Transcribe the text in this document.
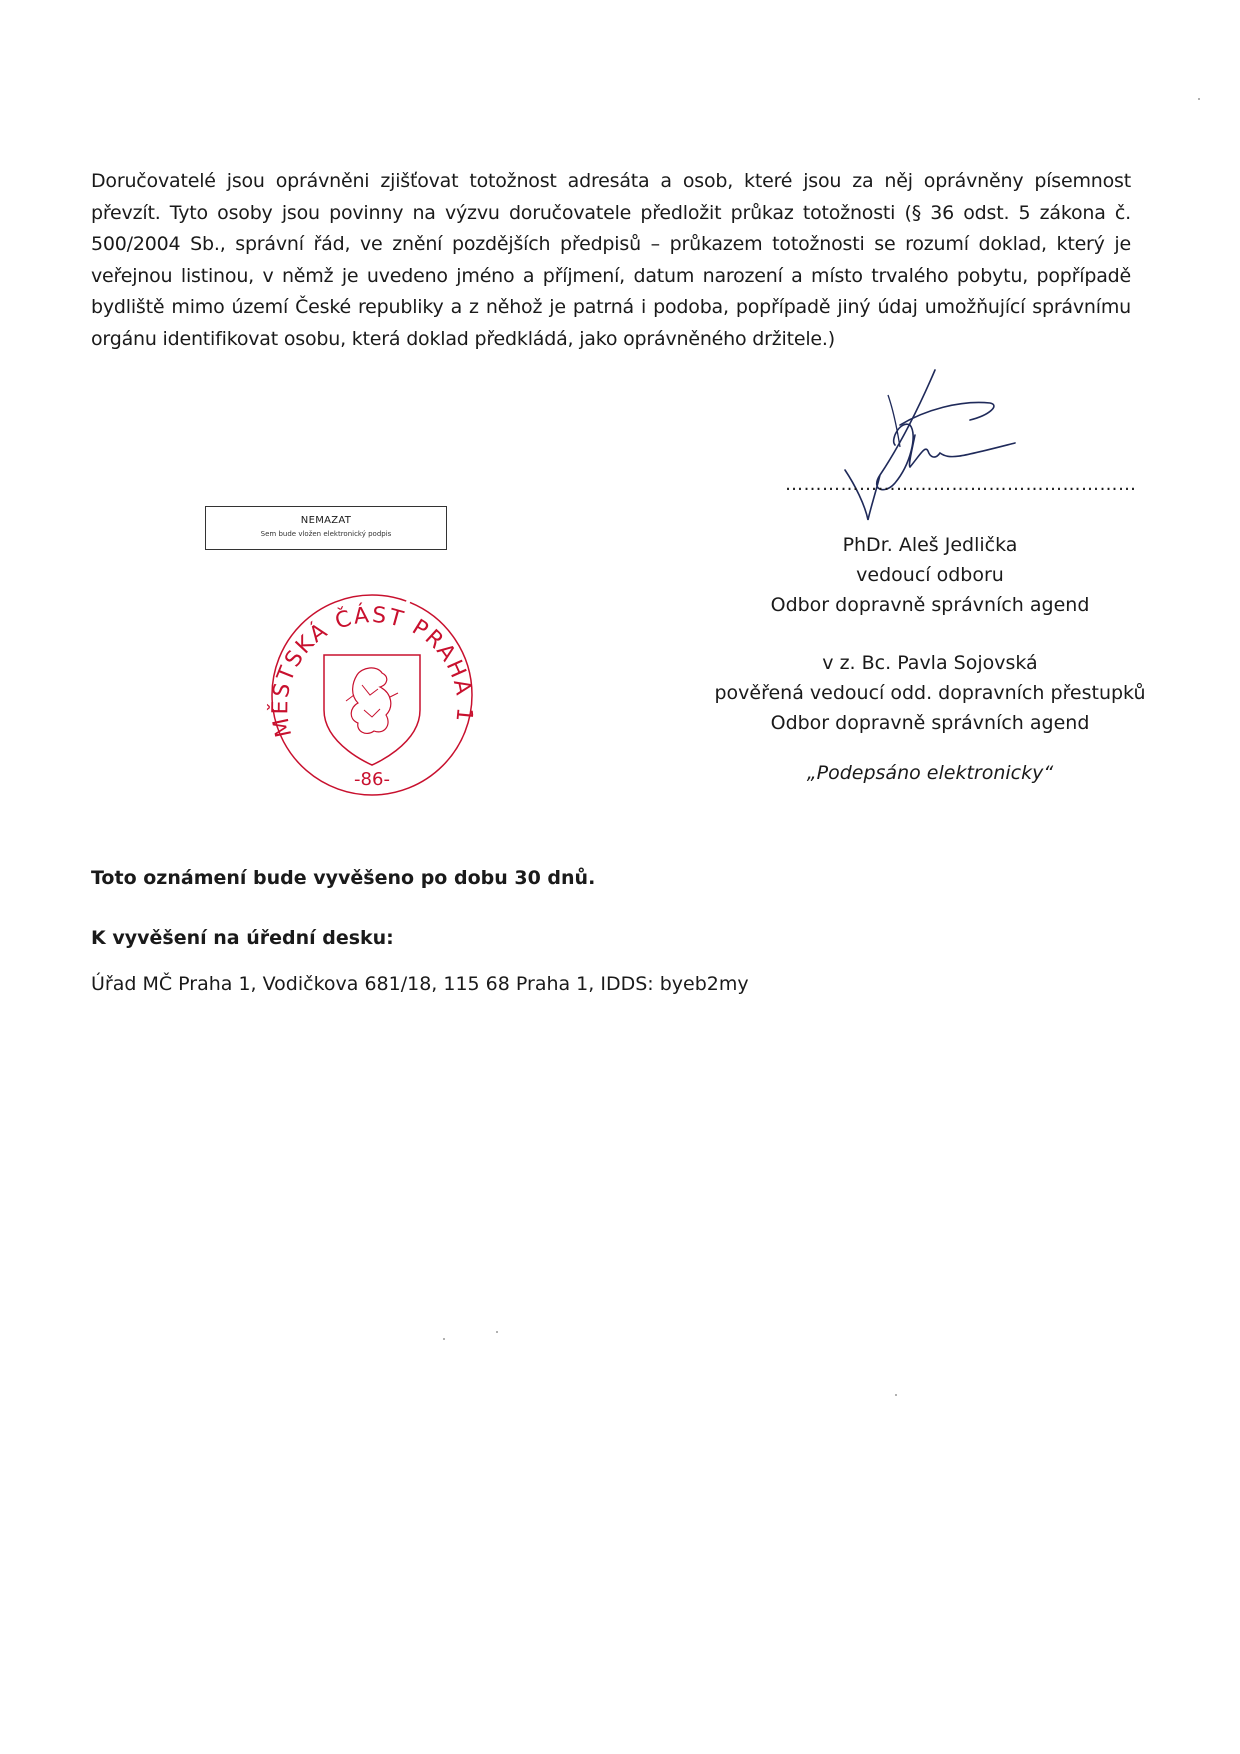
Doručovatelé jsou oprávněni zjišťovat totožnost adresáta a osob, které jsou za něj oprávněny písemnost převzít. Tyto osoby jsou povinny na výzvu doručovatele předložit průkaz totožnosti (§ 36 odst. 5 zákona č. 500/2004 Sb., správní řád, ve znění pozdějších předpisů – průkazem totožnosti se rozumí doklad, který je veřejnou listinou, v němž je uvedeno jméno a příjmení, datum narození a místo trvalého pobytu, popřípadě bydliště mimo území České republiky a z něhož je patrná i podoba, popřípadě jiný údaj umožňující správnímu orgánu identifikovat osobu, která doklad předkládá, jako oprávněného držitele.)

…………………………………………………
PhDr. Aleš Jedlička
vedoucí odboru
Odbor dopravně správních agend
v z. Bc. Pavla Sojovská
pověřená vedoucí odd. dopravních přestupků
Odbor dopravně správních agend
„Podepsáno elektronicky“
NEMAZAT
Sem bude vložen elektronický podpis
MĚSTSKÁ ČÁST PRAHA 1
-86-
Toto oznámení bude vyvěšeno po dobu 30 dnů.
K vyvěšení na úřední desku:
Úřad MČ Praha 1, Vodičkova 681/18, 115 68 Praha 1, IDDS: byeb2my
